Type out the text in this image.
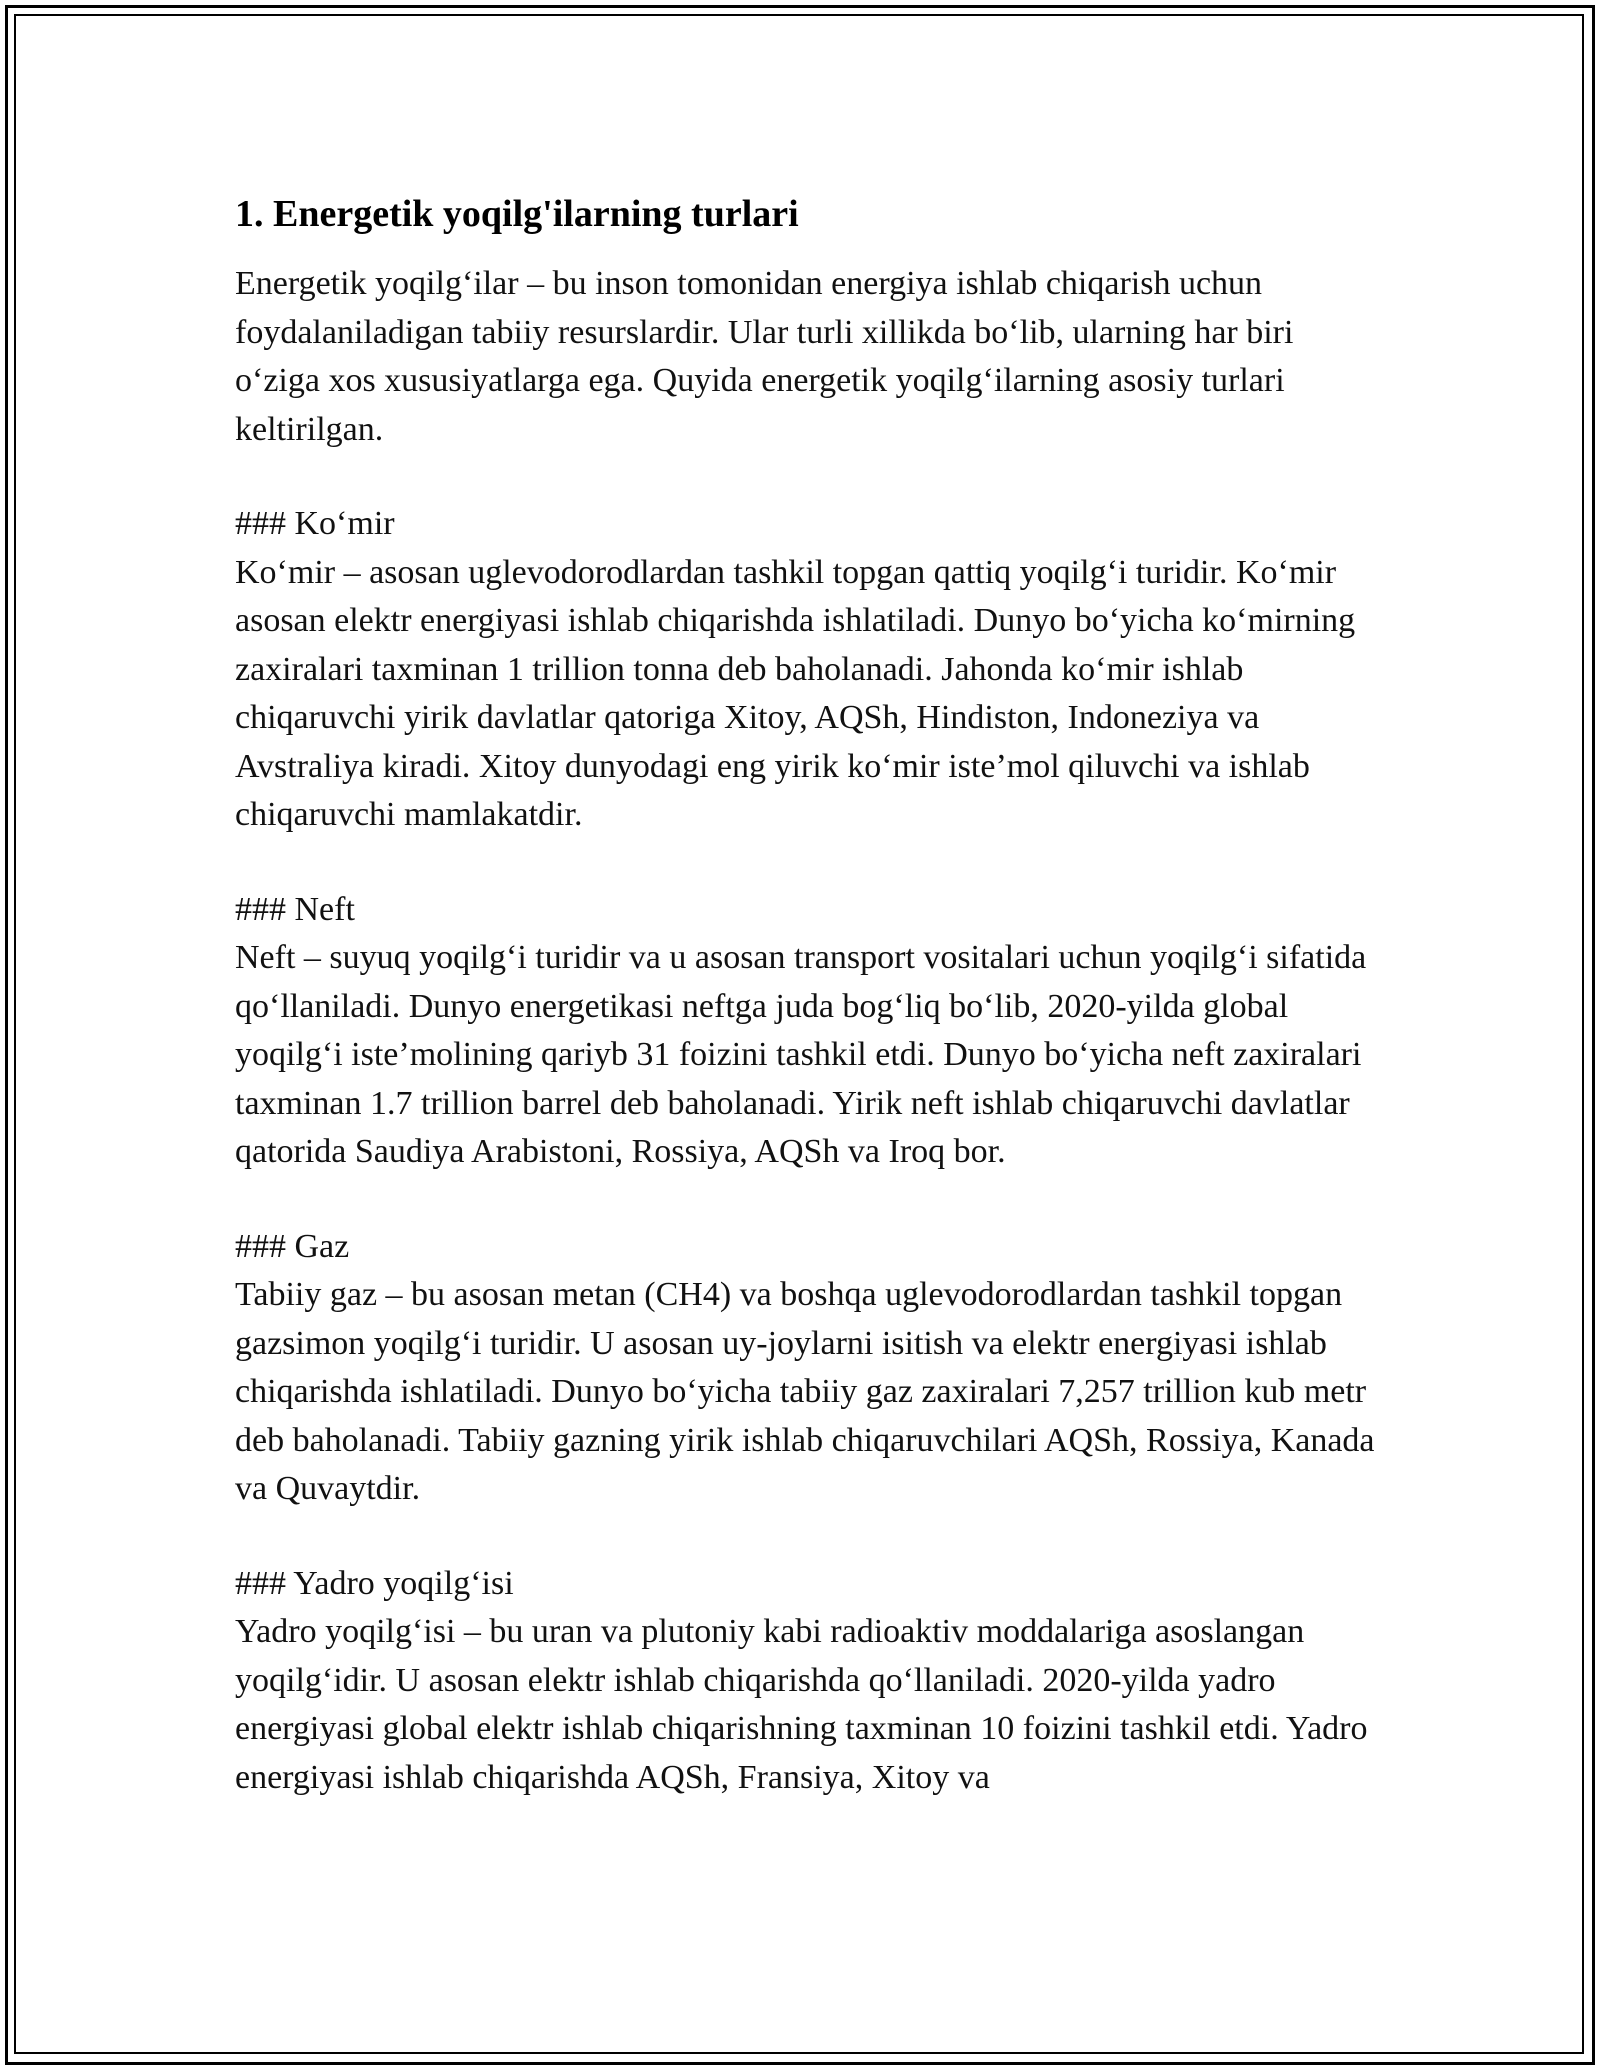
1. Energetik yoqilg'ilarning turlari

Energetik yoqilg‘ilar – bu inson tomonidan energiya ishlab chiqarish uchun foydalaniladigan tabiiy resurslardir. Ular turli xillikda bo‘lib, ularning har biri o‘ziga xos xususiyatlarga ega. Quyida energetik yoqilg‘ilarning asosiy turlari keltirilgan.

### Ko‘mir

Ko‘mir – asosan uglevodorodlardan tashkil topgan qattiq yoqilg‘i turidir. Ko‘mir asosan elektr energiyasi ishlab chiqarishda ishlatiladi. Dunyo bo‘yicha ko‘mirning zaxiralari taxminan 1 trillion tonna deb baholanadi. Jahonda ko‘mir ishlab chiqaruvchi yirik davlatlar qatoriga Xitoy, AQSh, Hindiston, Indoneziya va Avstraliya kiradi. Xitoy dunyodagi eng yirik ko‘mir iste’mol qiluvchi va ishlab chiqaruvchi mamlakatdir.

### Neft

Neft – suyuq yoqilg‘i turidir va u asosan transport vositalari uchun yoqilg‘i sifatida qo‘llaniladi. Dunyo energetikasi neftga juda bog‘liq bo‘lib, 2020-yilda global yoqilg‘i iste’molining qariyb 31 foizini tashkil etdi. Dunyo bo‘yicha neft zaxiralari taxminan 1.7 trillion barrel deb baholanadi. Yirik neft ishlab chiqaruvchi davlatlar qatorida Saudiya Arabistoni, Rossiya, AQSh va Iroq bor.

### Gaz

Tabiiy gaz – bu asosan metan (CH4) va boshqa uglevodorodlardan tashkil topgan gazsimon yoqilg‘i turidir. U asosan uy-joylarni isitish va elektr energiyasi ishlab chiqarishda ishlatiladi. Dunyo bo‘yicha tabiiy gaz zaxiralari 7,257 trillion kub metr deb baholanadi. Tabiiy gazning yirik ishlab chiqaruvchilari AQSh, Rossiya, Kanada va Quvaytdir.

### Yadro yoqilg‘isi

Yadro yoqilg‘isi – bu uran va plutoniy kabi radioaktiv moddalariga asoslangan yoqilg‘idir. U asosan elektr ishlab chiqarishda qo‘llaniladi. 2020-yilda yadro energiyasi global elektr ishlab chiqarishning taxminan 10 foizini tashkil etdi. Yadro energiyasi ishlab chiqarishda AQSh, Fransiya, Xitoy va
